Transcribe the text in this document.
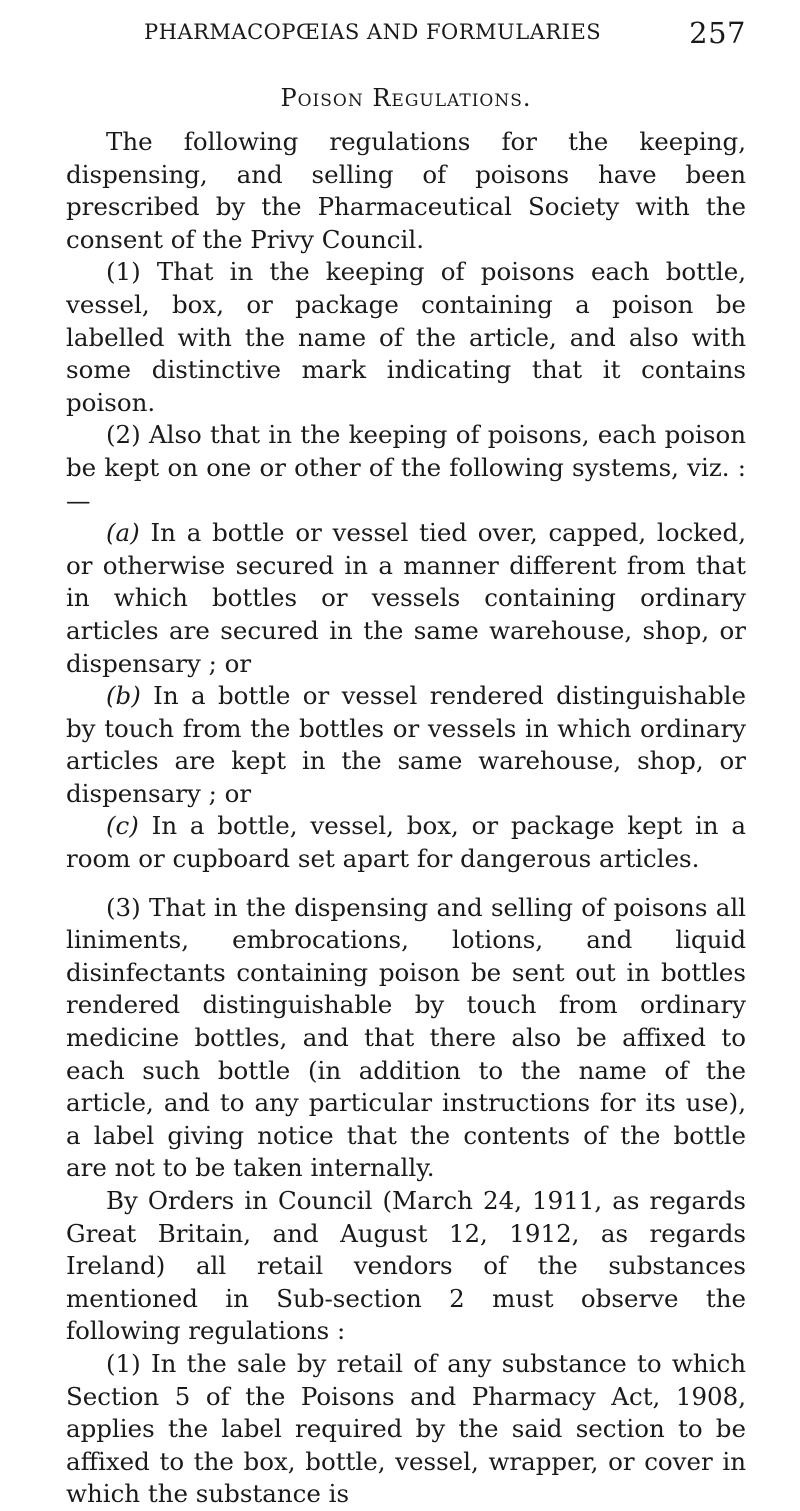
PHARMACOPŒIAS AND FORMULARIES	257
Poison Regulations.

The following regulations for the keeping, dispensing, and selling of poisons have been prescribed by the Pharmaceutical Society with the consent of the Privy Council.

(1) That in the keeping of poisons each bottle, vessel, box, or package containing a poison be labelled with the name of the article, and also with some distinctive mark indicating that it contains poison.

(2) Also that in the keeping of poisons, each poison be kept on one or other of the following systems, viz. :—

(a) In a bottle or vessel tied over, capped, locked, or otherwise secured in a manner different from that in which bottles or vessels containing ordinary articles are secured in the same warehouse, shop, or dispensary ; or

(b) In a bottle or vessel rendered distinguishable by touch from the bottles or vessels in which ordinary articles are kept in the same warehouse, shop, or dispensary ; or

(c) In a bottle, vessel, box, or package kept in a room or cupboard set apart for dangerous articles.

(3) That in the dispensing and selling of poisons all liniments, embrocations, lotions, and liquid disinfectants containing poison be sent out in bottles rendered distinguishable by touch from ordinary medicine bottles, and that there also be affixed to each such bottle (in addition to the name of the article, and to any particular instructions for its use), a label giving notice that the contents of the bottle are not to be taken internally.

By Orders in Council (March 24, 1911, as regards Great Britain, and August 12, 1912, as regards Ireland) all retail vendors of the substances mentioned in Sub-section 2 must observe the following regulations :

(1) In the sale by retail of any substance to which Section 5 of the Poisons and Pharmacy Act, 1908, applies the label required by the said section to be affixed to the box, bottle, vessel, wrapper, or cover in which the substance is
